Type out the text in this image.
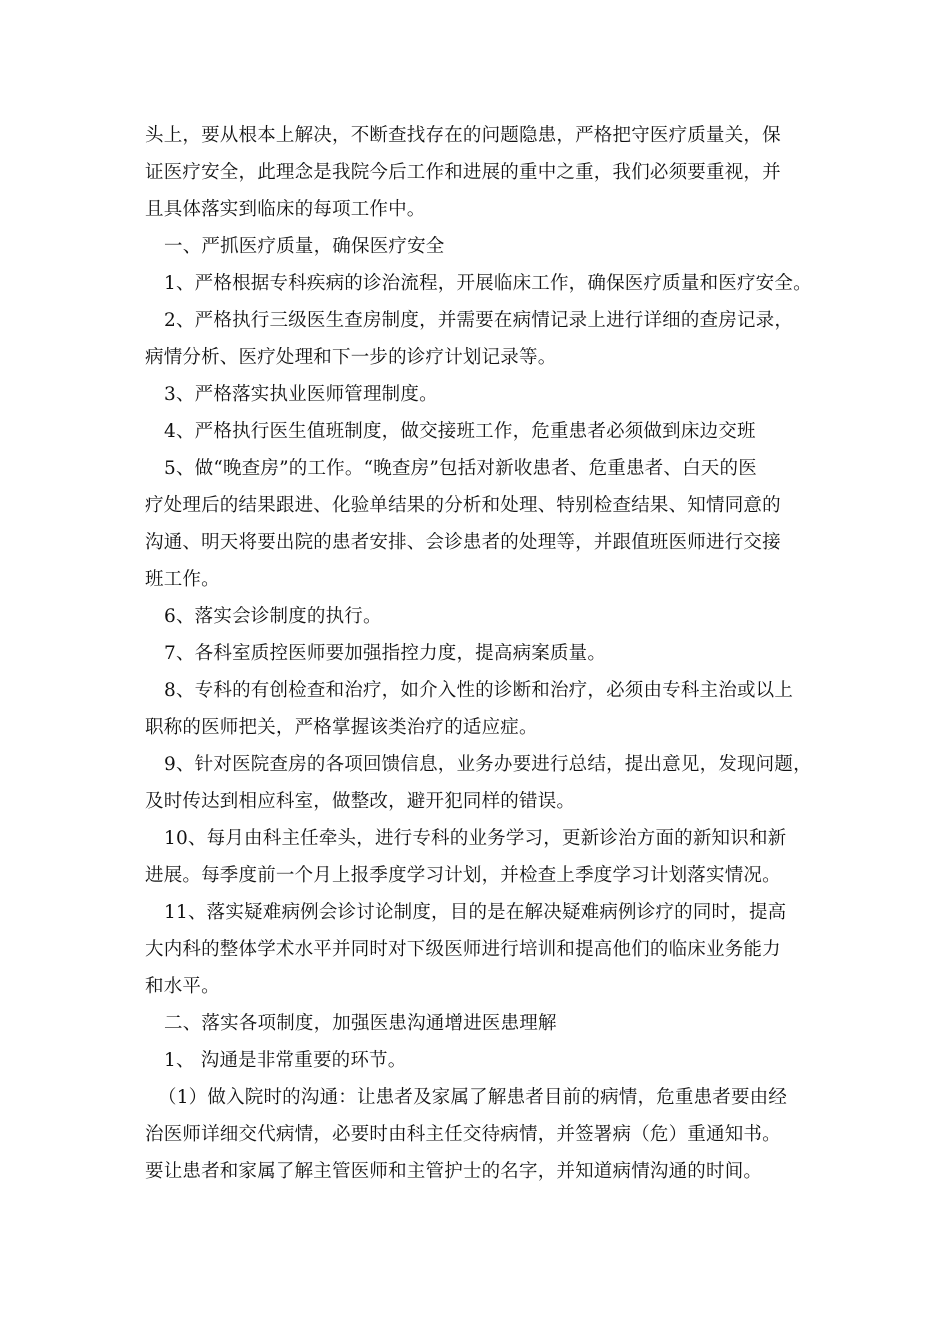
头上，要从根本上解决，不断查找存在的问题隐患，严格把守医疗质量关，保
证医疗安全，此理念是我院今后工作和进展的重中之重，我们必须要重视，并
且具体落实到临床的每项工作中。
一、严抓医疗质量，确保医疗安全
1、严格根据专科疾病的诊治流程，开展临床工作，确保医疗质量和医疗安全。
2、严格执行三级医生查房制度，并需要在病情记录上进行详细的查房记录，
病情分析、医疗处理和下一步的诊疗计划记录等。
3、严格落实执业医师管理制度。
4、严格执行医生值班制度，做交接班工作，危重患者必须做到床边交班
5、做“晚查房”的工作。“晚查房”包括对新收患者、危重患者、白天的医
疗处理后的结果跟进、化验单结果的分析和处理、特别检查结果、知情同意的
沟通、明天将要出院的患者安排、会诊患者的处理等，并跟值班医师进行交接
班工作。
6、落实会诊制度的执行。
7、各科室质控医师要加强指控力度，提高病案质量。
8、专科的有创检查和治疗，如介入性的诊断和治疗，必须由专科主治或以上
职称的医师把关，严格掌握该类治疗的适应症。
9、针对医院查房的各项回馈信息，业务办要进行总结，提出意见，发现问题，
及时传达到相应科室，做整改，避开犯同样的错误。
10、每月由科主任牵头，进行专科的业务学习，更新诊治方面的新知识和新
进展。每季度前一个月上报季度学习计划，并检查上季度学习计划落实情况。
11、落实疑难病例会诊讨论制度，目的是在解决疑难病例诊疗的同时，提高
大内科的整体学术水平并同时对下级医师进行培训和提高他们的临床业务能力
和水平。
二、落实各项制度，加强医患沟通增进医患理解
1、 沟通是非常重要的环节。
（1）做入院时的沟通：让患者及家属了解患者目前的病情，危重患者要由经
治医师详细交代病情，必要时由科主任交待病情，并签署病（危）重通知书。
要让患者和家属了解主管医师和主管护士的名字，并知道病情沟通的时间。
